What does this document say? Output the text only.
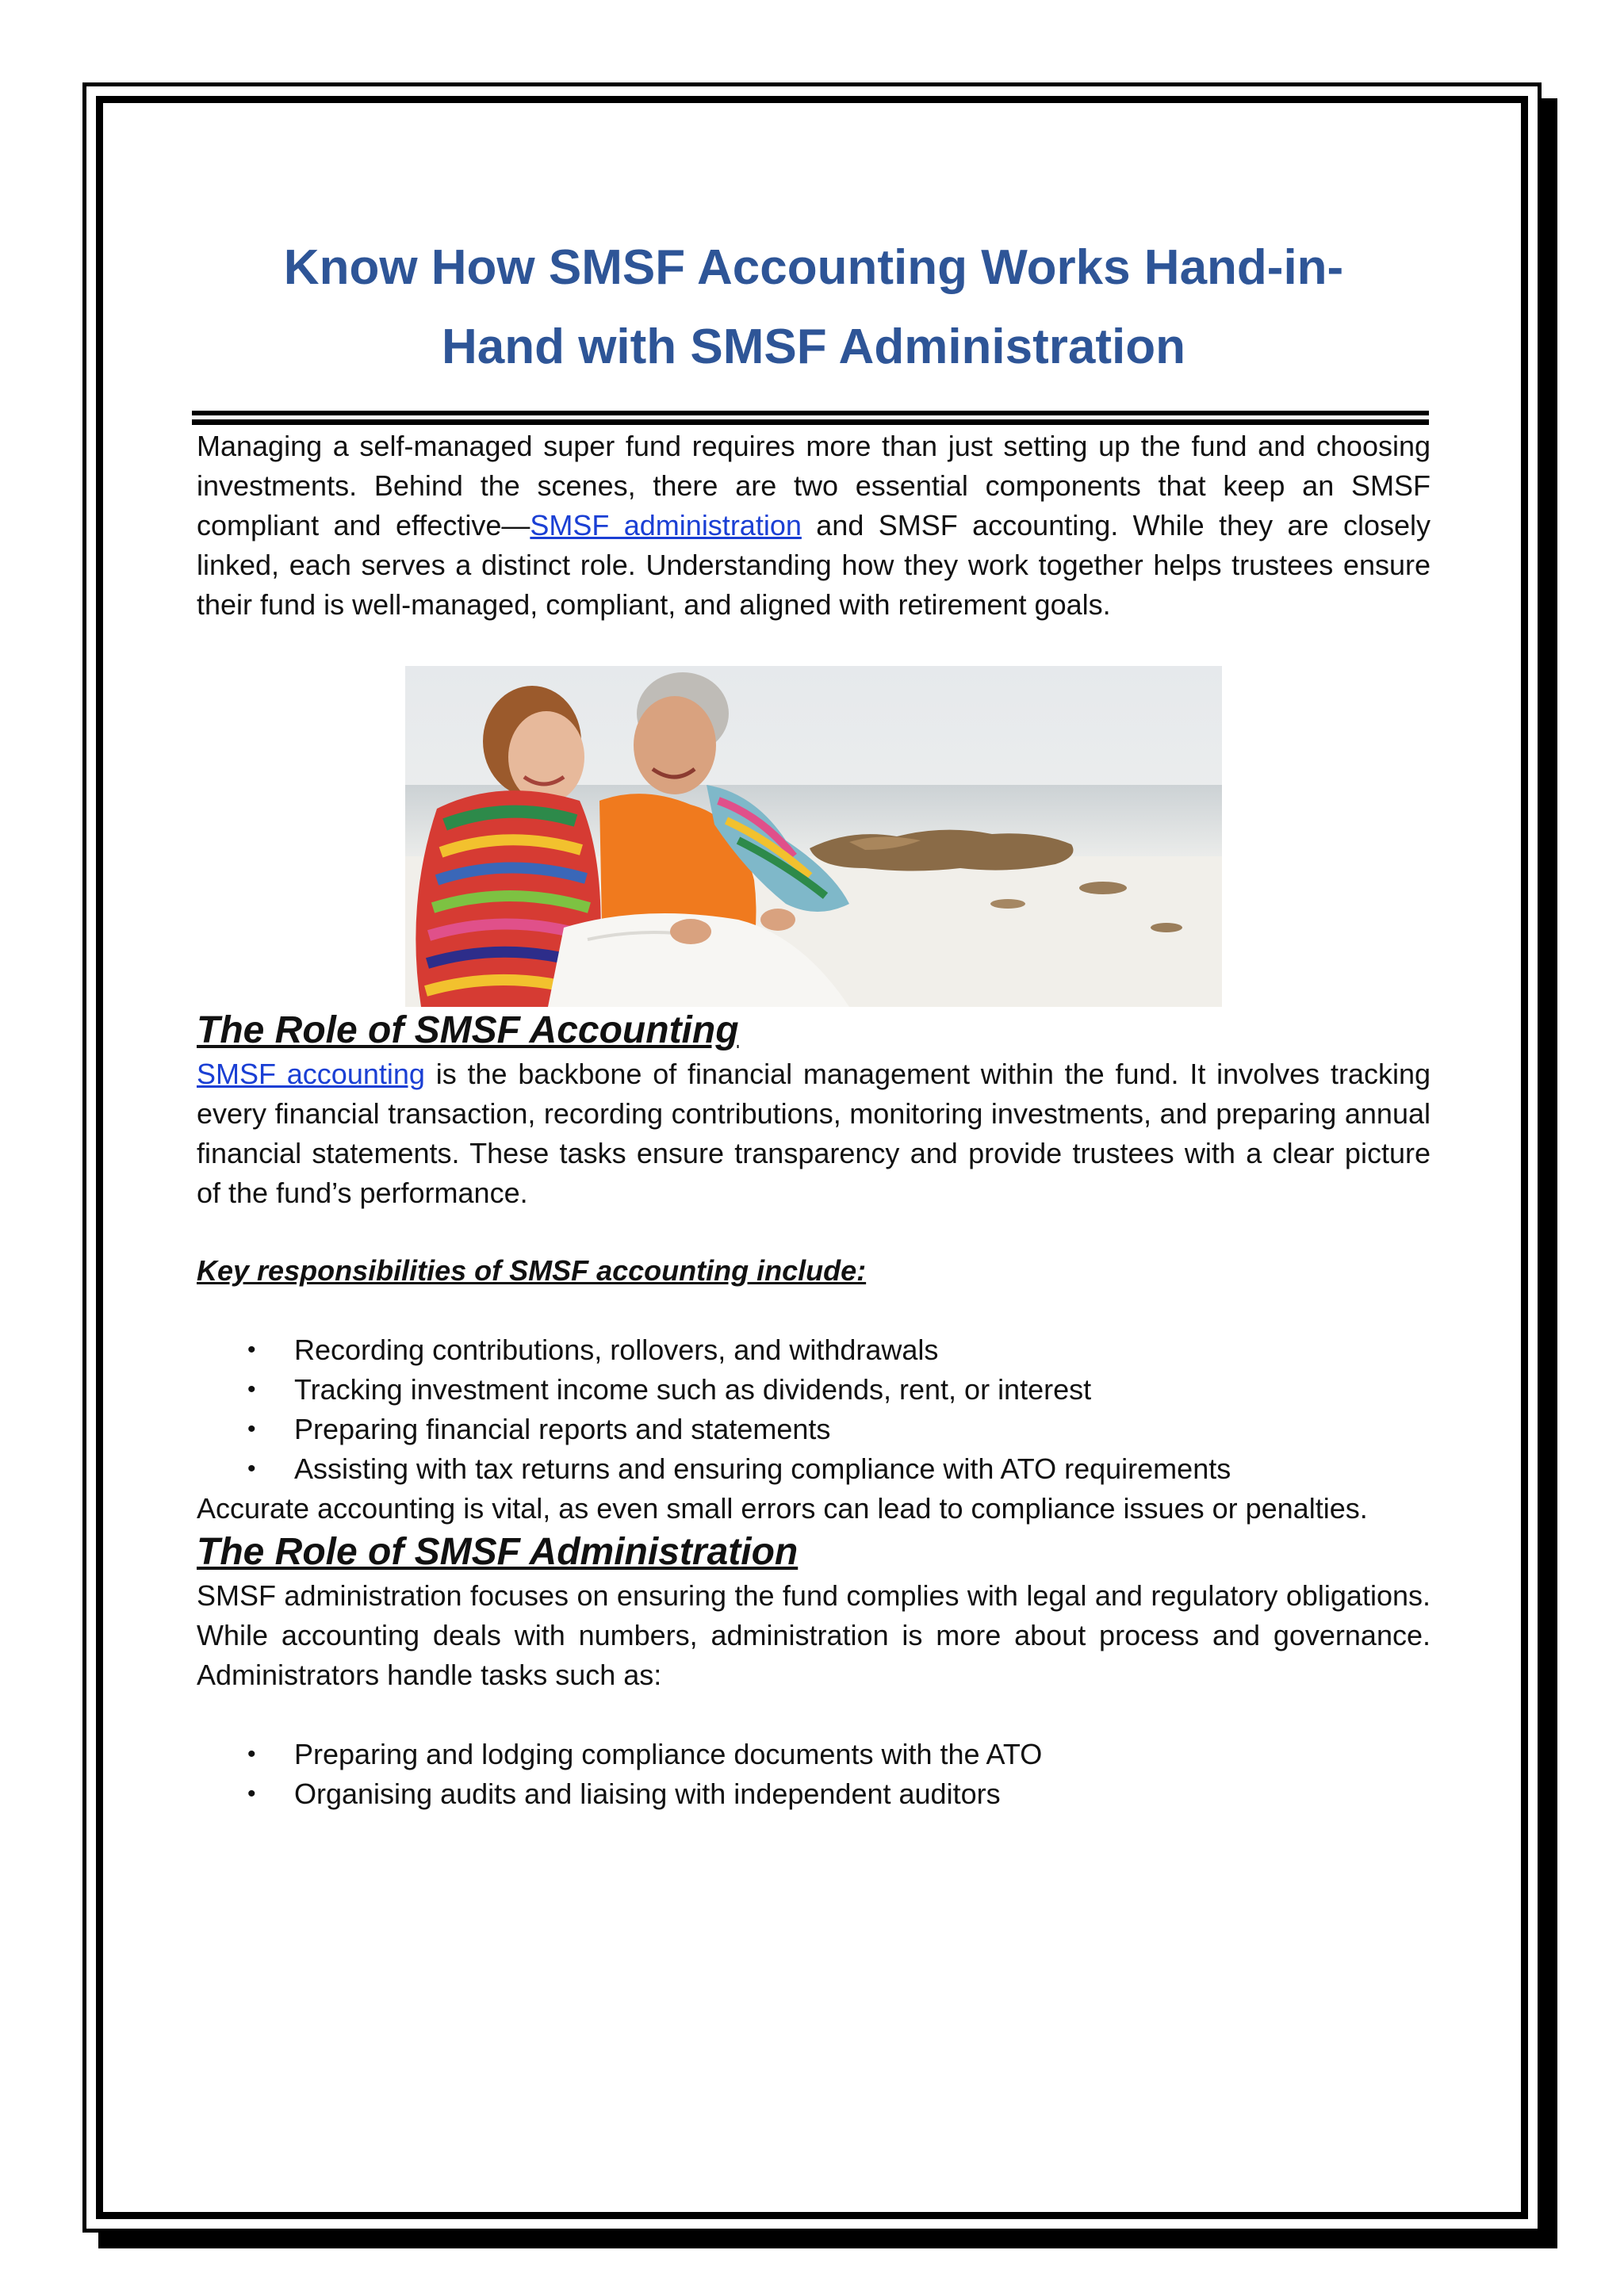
Know How SMSF Accounting Works Hand-in-
Hand with SMSF Administration

Managing a self-managed super fund requires more than just setting up the fund and choosing investments. Behind the scenes, there are two essential components that keep an SMSF compliant and effective—SMSF administration and SMSF accounting. While they are closely linked, each serves a distinct role. Understanding how they work together helps trustees ensure their fund is well-managed, compliant, and aligned with retirement goals.

The Role of SMSF Accounting

SMSF accounting is the backbone of financial management within the fund. It involves tracking every financial transaction, recording contributions, monitoring investments, and preparing annual financial statements. These tasks ensure transparency and provide trustees with a clear picture of the fund’s performance.

Key responsibilities of SMSF accounting include:

• Recording contributions, rollovers, and withdrawals
• Tracking investment income such as dividends, rent, or interest
• Preparing financial reports and statements
• Assisting with tax returns and ensuring compliance with ATO requirements

Accurate accounting is vital, as even small errors can lead to compliance issues or penalties.

The Role of SMSF Administration

SMSF administration focuses on ensuring the fund complies with legal and regulatory obligations. While accounting deals with numbers, administration is more about process and governance. Administrators handle tasks such as:

• Preparing and lodging compliance documents with the ATO
• Organising audits and liaising with independent auditors
